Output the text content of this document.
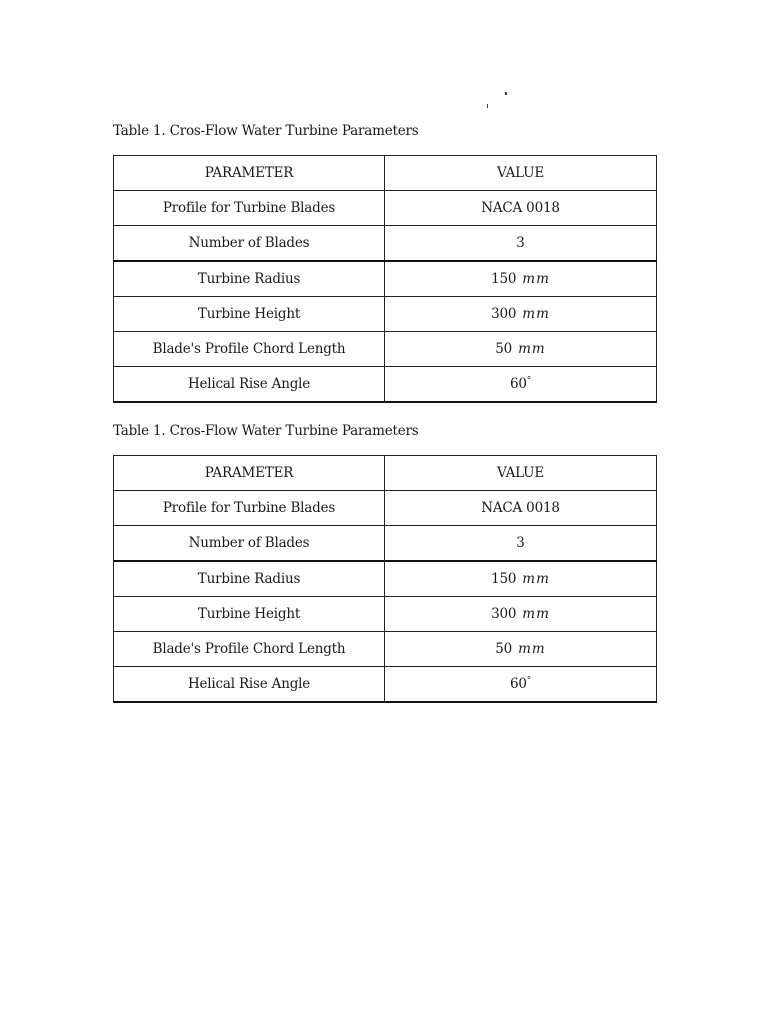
Table 1. Cros-Flow Water Turbine Parameters
PARAMETER	VALUE
Profile for Turbine Blades	NACA 0018
Number of Blades	3
Turbine Radius	150 mm
Turbine Height	300 mm
Blade's Profile Chord Length	50 mm
Helical Rise Angle	60°
Table 1. Cros-Flow Water Turbine Parameters
PARAMETER	VALUE
Profile for Turbine Blades	NACA 0018
Number of Blades	3
Turbine Radius	150 mm
Turbine Height	300 mm
Blade's Profile Chord Length	50 mm
Helical Rise Angle	60°
